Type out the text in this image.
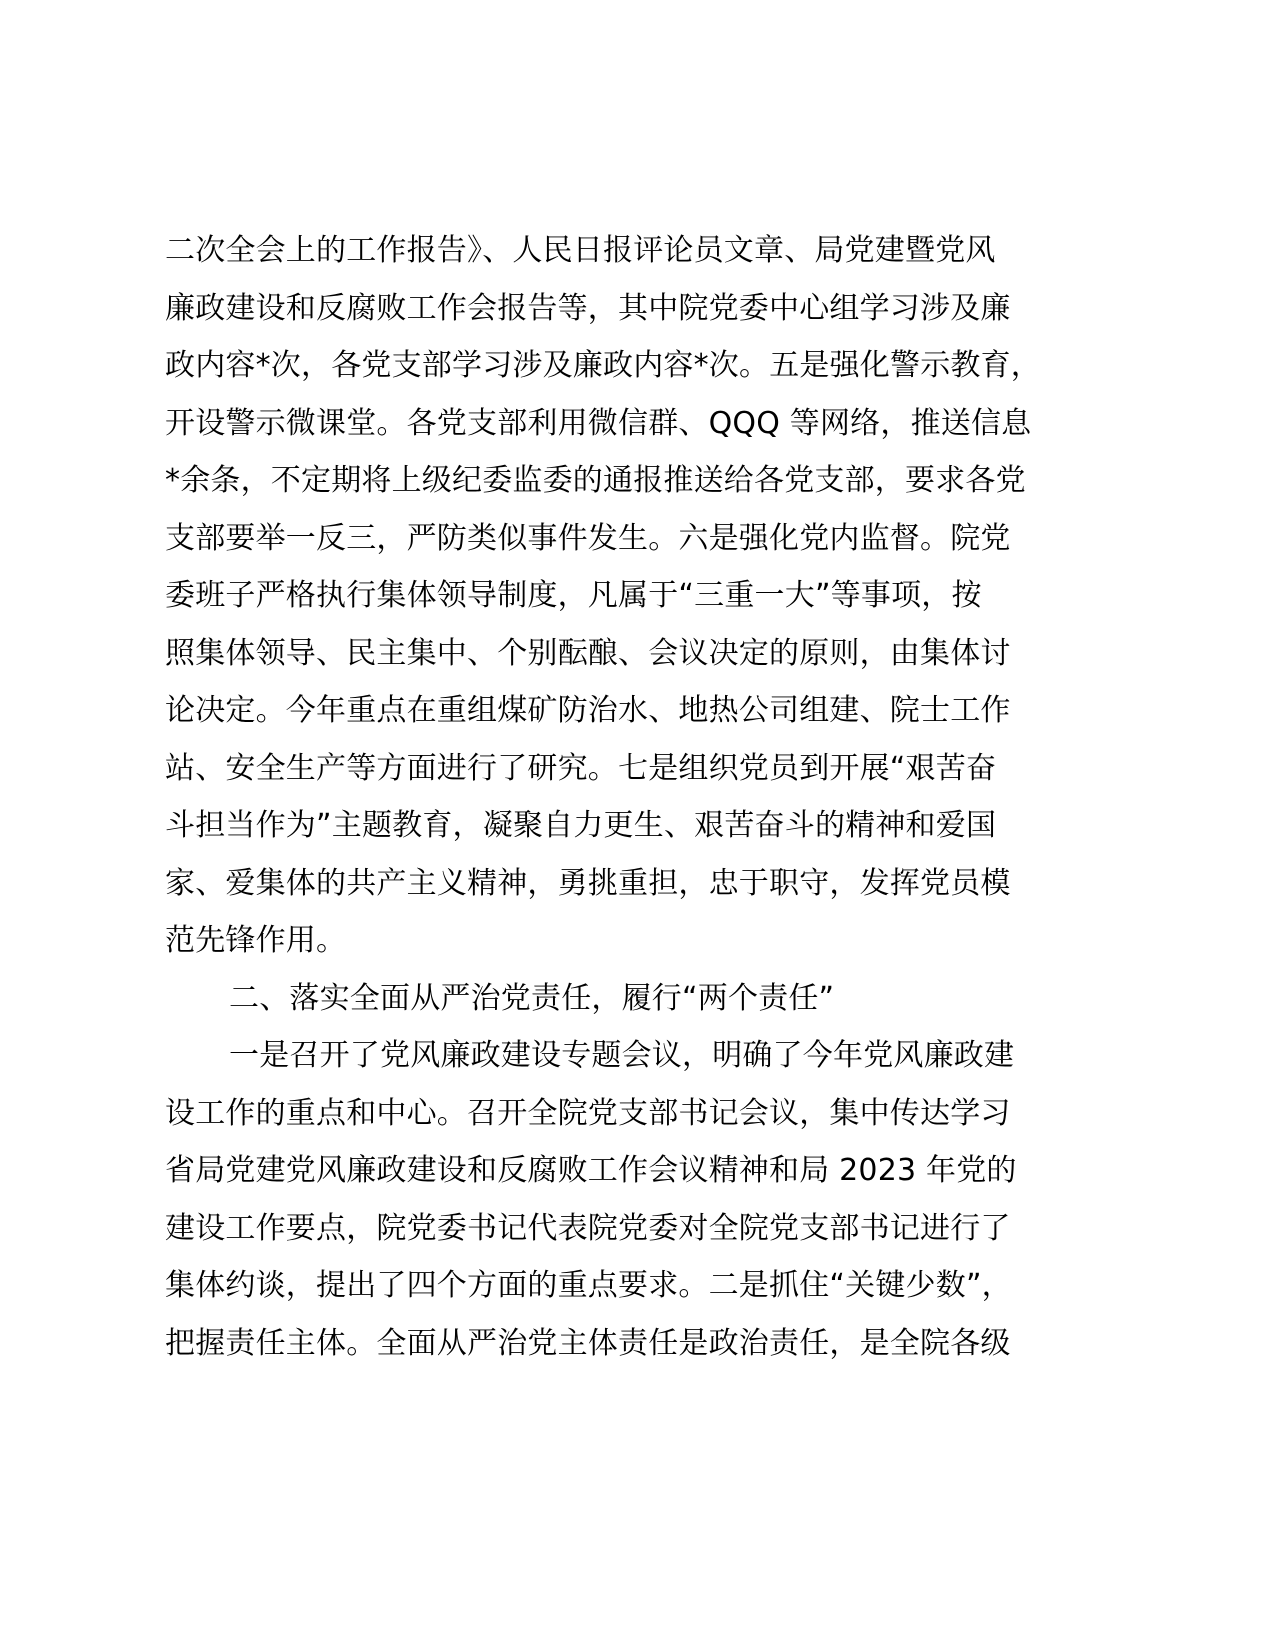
二次全会上的工作报告》、人民日报评论员文章、局党建暨党风
廉政建设和反腐败工作会报告等，其中院党委中心组学习涉及廉
政内容*次，各党支部学习涉及廉政内容*次。五是强化警示教育，
开设警示微课堂。各党支部利用微信群、QQQ 等网络，推送信息
*余条，不定期将上级纪委监委的通报推送给各党支部，要求各党
支部要举一反三，严防类似事件发生。六是强化党内监督。院党
委班子严格执行集体领导制度，凡属于“三重一大”等事项，按
照集体领导、民主集中、个别酝酿、会议决定的原则，由集体讨
论决定。今年重点在重组煤矿防治水、地热公司组建、院士工作
站、安全生产等方面进行了研究。七是组织党员到开展“艰苦奋
斗担当作为”主题教育，凝聚自力更生、艰苦奋斗的精神和爱国
家、爱集体的共产主义精神，勇挑重担，忠于职守，发挥党员模
范先锋作用。
二、落实全面从严治党责任，履行“两个责任”
一是召开了党风廉政建设专题会议，明确了今年党风廉政建
设工作的重点和中心。召开全院党支部书记会议，集中传达学习
省局党建党风廉政建设和反腐败工作会议精神和局 2023 年党的
建设工作要点，院党委书记代表院党委对全院党支部书记进行了
集体约谈，提出了四个方面的重点要求。二是抓住“关键少数”，
把握责任主体。全面从严治党主体责任是政治责任，是全院各级
